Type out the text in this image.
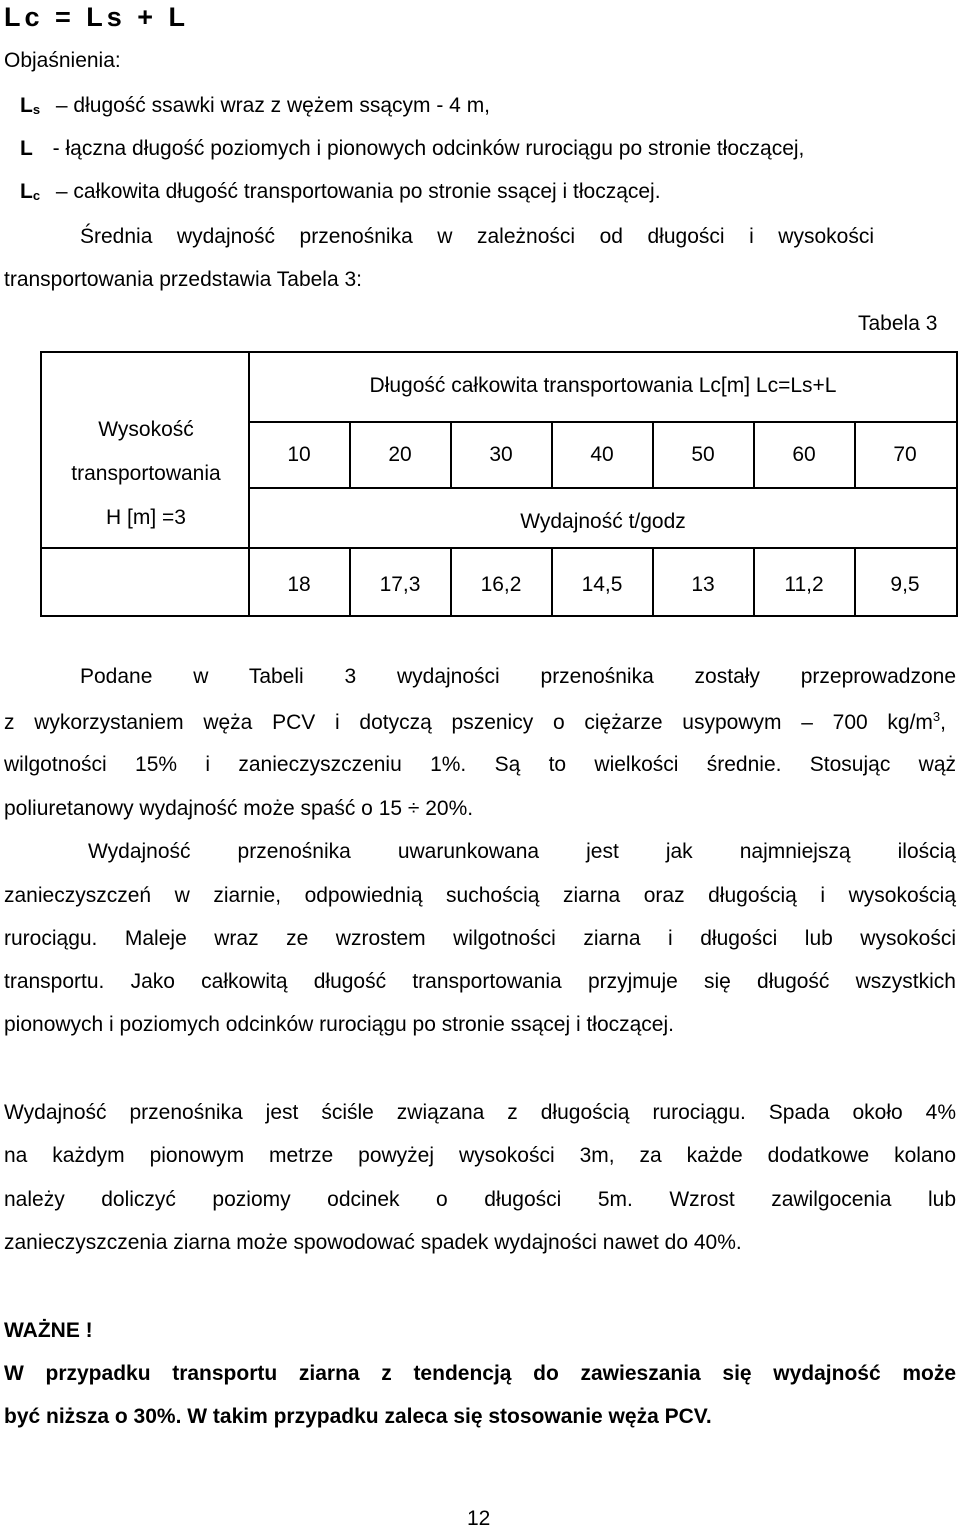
Lc = Ls + L
Objaśnienia:
$L_s$ – długość ssawki wraz z wężem ssącym - 4 m,
L - łączna długość poziomych i pionowych odcinków rurociągu po stronie tłoczącej,
$L_c$ – całkowita długość transportowania po stronie ssącej i tłoczącej.
Średnia wydajność przenośnika w zależności od długości i wysokości
transportowania przedstawia Tabela 3:
Tabela 3
Wysokość
transportowania
H [m] =3
Długość całkowita transportowania Lc[m] Lc=Ls+L
10	20	30	40	50	60	70
Wydajność t/godz
18	17,3	16,2	14,5	13	11,2	9,5
Podane w Tabeli 3 wydajności przenośnika zostały przeprowadzone
z wykorzystaniem węża PCV i dotyczą pszenicy o ciężarze usypowym – 700 $kg/m^3$,
wilgotności 15% i zanieczyszczeniu 1%. Są to wielkości średnie. Stosując wąż
poliuretanowy wydajność może spaść o 15 ÷ 20%.
Wydajność przenośnika uwarunkowana jest jak najmniejszą ilością
zanieczyszczeń w ziarnie, odpowiednią suchością ziarna oraz długością i wysokością
rurociągu. Maleje wraz ze wzrostem wilgotności ziarna i długości lub wysokości
transportu. Jako całkowitą długość transportowania przyjmuje się długość wszystkich
pionowych i poziomych odcinków rurociągu po stronie ssącej i tłoczącej.
Wydajność przenośnika jest ściśle związana z długością rurociągu. Spada około 4%
na każdym pionowym metrze powyżej wysokości 3m, za każde dodatkowe kolano
należy doliczyć poziomy odcinek o długości 5m. Wzrost zawilgocenia lub
zanieczyszczenia ziarna może spowodować spadek wydajności nawet do 40%.
WAŻNE !
W przypadku transportu ziarna z tendencją do zawieszania się wydajność może
być niższa o 30%. W takim przypadku zaleca się stosowanie węża PCV.
12
